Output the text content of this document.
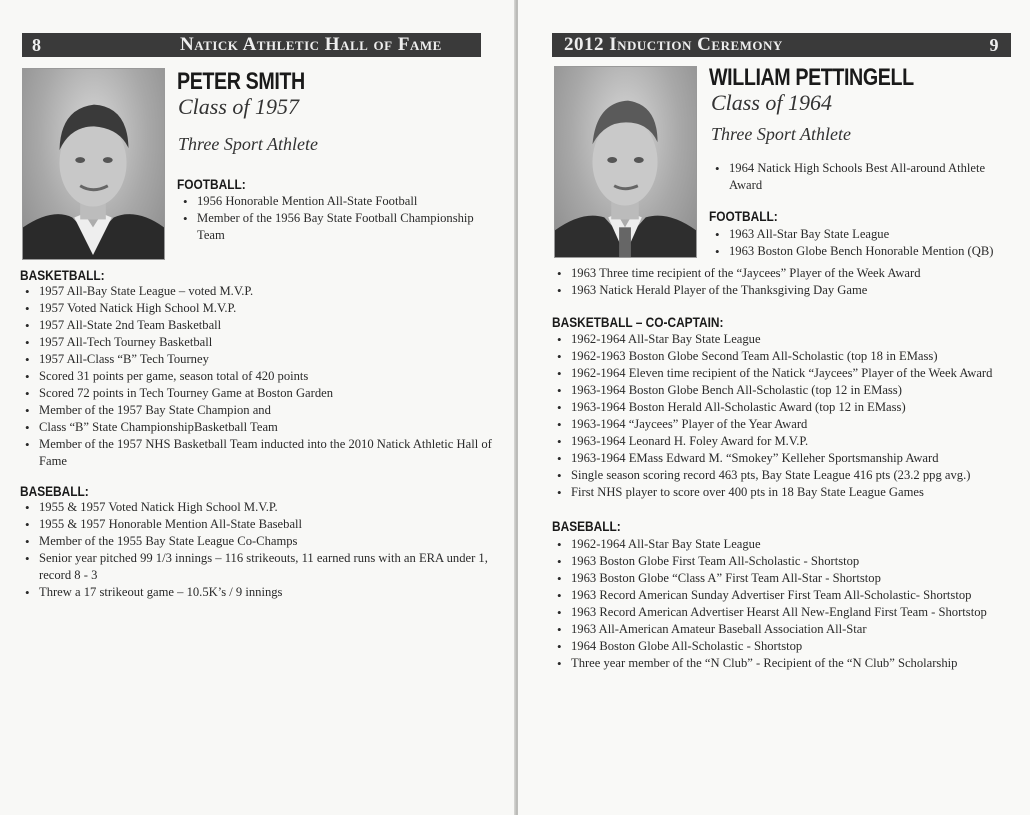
8	Natick Athletic Hall of Fame
PETER SMITH
Class of 1957
Three Sport Athlete
FOOTBALL:
• 1956 Honorable Mention All-State Football
• Member of the 1956 Bay State Football Championship Team
BASKETBALL:
• 1957 All-Bay State League – voted M.V.P.
• 1957 Voted Natick High School M.V.P.
• 1957 All-State 2nd Team Basketball
• 1957 All-Tech Tourney Basketball
• 1957 All-Class “B” Tech Tourney
• Scored 31 points per game, season total of 420 points
• Scored 72 points in Tech Tourney Game at Boston Garden
• Member of the 1957 Bay State Champion and
• Class “B” State ChampionshipBasketball Team
• Member of the 1957 NHS Basketball Team inducted into the 2010 Natick Athletic Hall of Fame
BASEBALL:
• 1955 & 1957 Voted Natick High School M.V.P.
• 1955 & 1957 Honorable Mention All-State Baseball
• Member of the 1955 Bay State League Co-Champs
• Senior year pitched 99 1/3 innings – 116 strikeouts, 11 earned runs with an ERA under 1, record 8 - 3
• Threw a 17 strikeout game – 10.5K’s / 9 innings
2012 Induction Ceremony	9
WILLIAM PETTINGELL
Class of 1964
Three Sport Athlete
• 1964 Natick High Schools Best All-around Athlete Award
FOOTBALL:
• 1963 All-Star Bay State League
• 1963 Boston Globe Bench Honorable Mention (QB)
• 1963 Three time recipient of the “Jaycees” Player of the Week Award
• 1963 Natick Herald Player of the Thanksgiving Day Game
BASKETBALL – CO-CAPTAIN:
• 1962-1964 All-Star Bay State League
• 1962-1963 Boston Globe Second Team All-Scholastic (top 18 in EMass)
• 1962-1964 Eleven time recipient of the Natick “Jaycees” Player of the Week Award
• 1963-1964 Boston Globe Bench All-Scholastic (top 12 in EMass)
• 1963-1964 Boston Herald All-Scholastic Award (top 12 in EMass)
• 1963-1964 “Jaycees” Player of the Year Award
• 1963-1964 Leonard H. Foley Award for M.V.P.
• 1963-1964 EMass Edward M. “Smokey” Kelleher Sportsmanship Award
• Single season scoring record 463 pts, Bay State League 416 pts (23.2 ppg avg.)
• First NHS player to score over 400 pts in 18 Bay State League Games
BASEBALL:
• 1962-1964 All-Star Bay State League
• 1963 Boston Globe First Team All-Scholastic - Shortstop
• 1963 Boston Globe “Class A” First Team All-Star - Shortstop
• 1963 Record American Sunday Advertiser First Team All-Scholastic- Shortstop
• 1963 Record American Advertiser Hearst All New-England First Team - Shortstop
• 1963 All-American Amateur Baseball Association All-Star
• 1964 Boston Globe All-Scholastic - Shortstop
• Three year member of the “N Club” - Recipient of the “N Club” Scholarship
